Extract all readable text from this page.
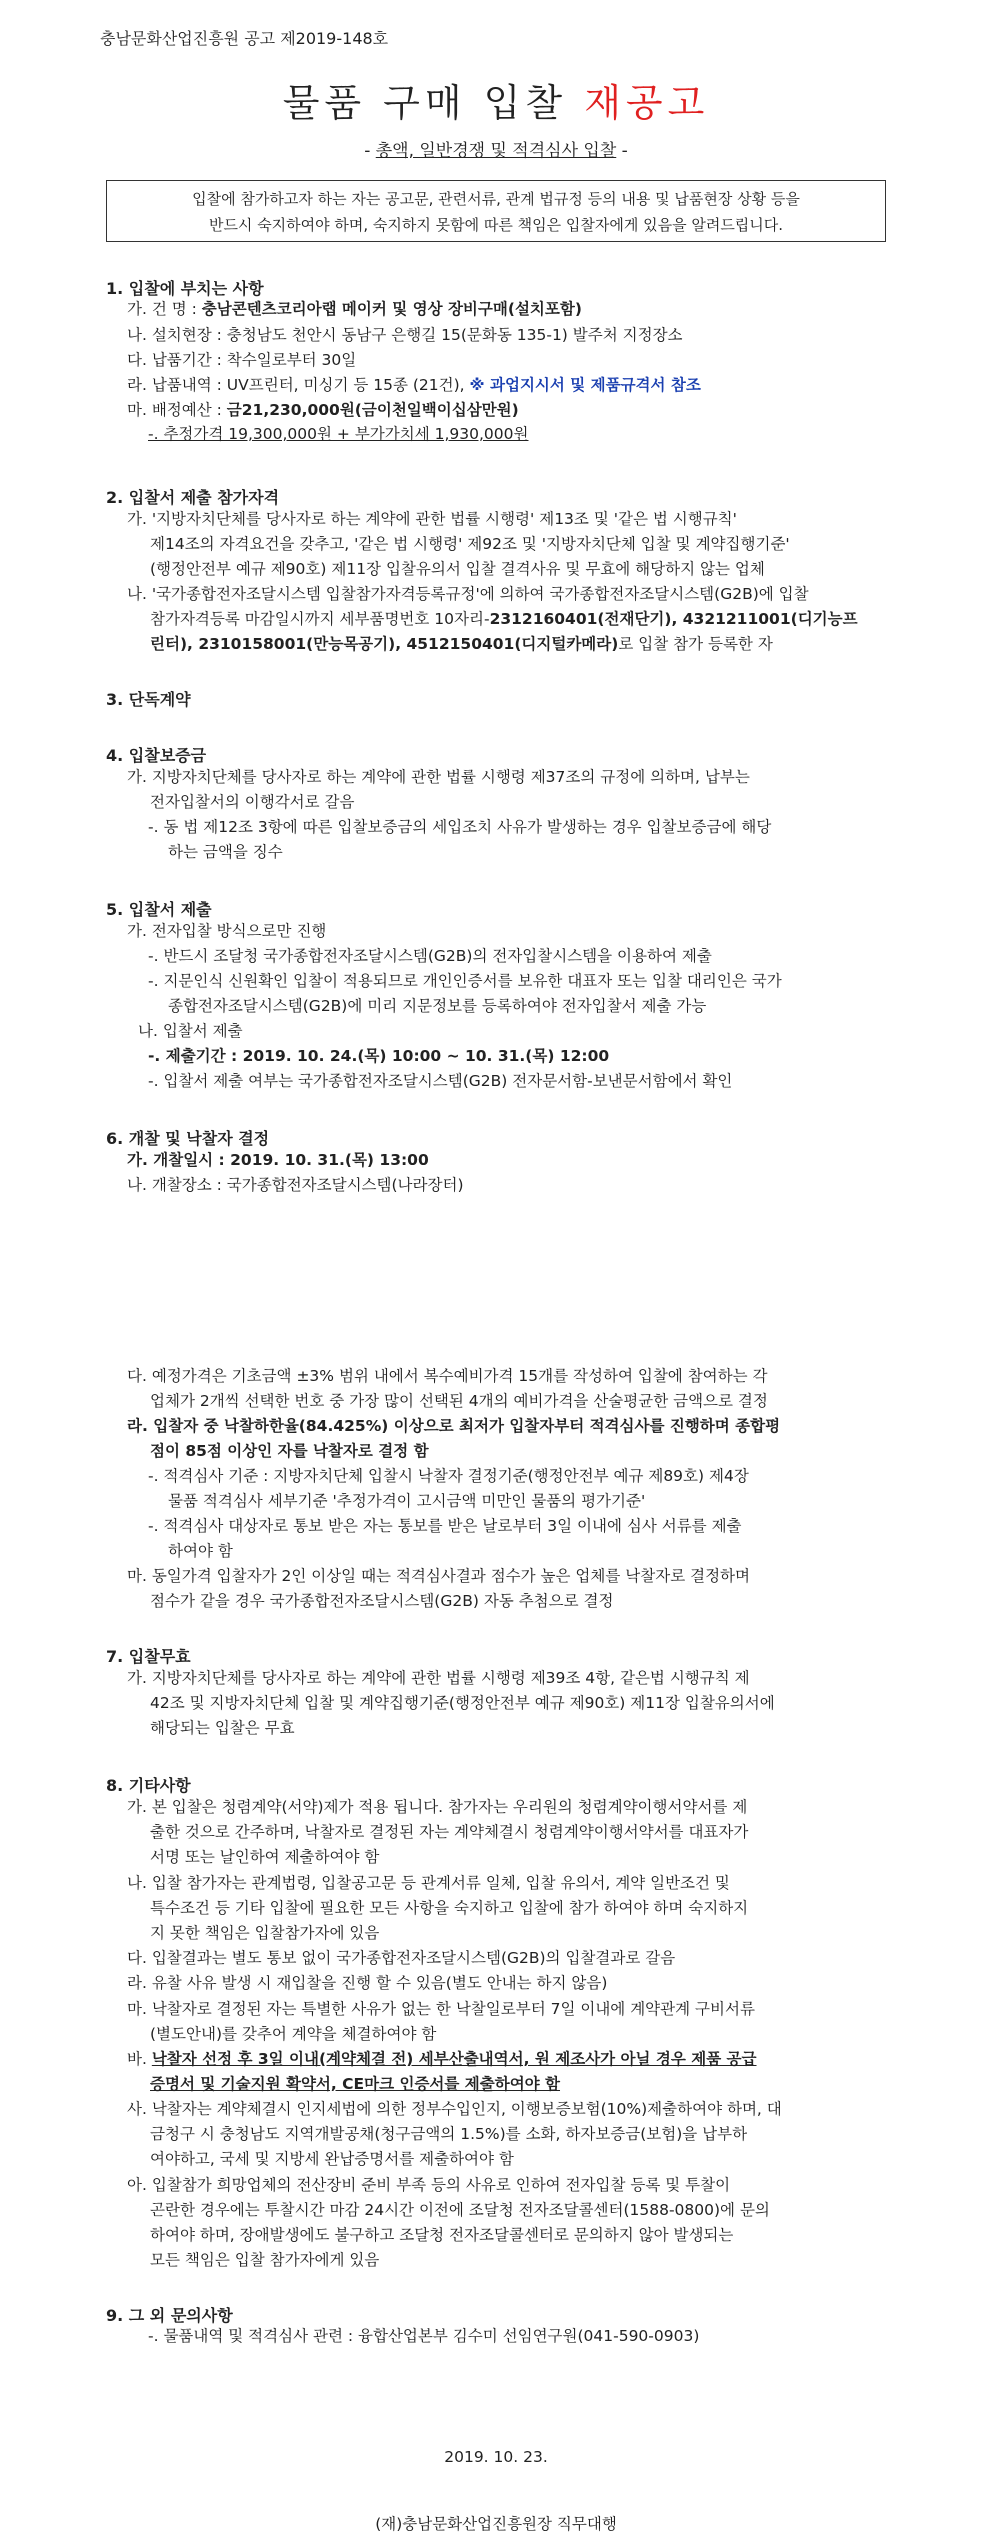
충남문화산업진흥원 공고 제2019-148호
물품 구매 입찰 재공고
- 총액, 일반경쟁 및 적격심사 입찰 -
입찰에 참가하고자 하는 자는 공고문, 관련서류, 관계 법규정 등의 내용 및 납품현장 상황 등을
반드시 숙지하여야 하며, 숙지하지 못함에 따른 책임은 입찰자에게 있음을 알려드립니다.
1. 입찰에 부치는 사항
가. 건 명 : 충남콘텐츠코리아랩 메이커 및 영상 장비구매(설치포함)
나. 설치현장 : 충청남도 천안시 동남구 은행길 15(문화동 135-1) 발주처 지정장소
다. 납품기간 : 착수일로부터 30일
라. 납품내역 : UV프린터, 미싱기 등 15종 (21건), ※ 과업지시서 및 제품규격서 참조
마. 배정예산 : 금21,230,000원(금이천일백이십삼만원)
-. 추정가격 19,300,000원 + 부가가치세 1,930,000원
2. 입찰서 제출 참가자격
가. '지방자치단체를 당사자로 하는 계약에 관한 법률 시행령' 제13조 및 '같은 법 시행규칙'
제14조의 자격요건을 갖추고, '같은 법 시행령' 제92조 및 '지방자치단체 입찰 및 계약집행기준'
(행정안전부 예규 제90호) 제11장 입찰유의서 입찰 결격사유 및 무효에 해당하지 않는 업체
나. '국가종합전자조달시스템 입찰참가자격등록규정'에 의하여 국가종합전자조달시스템(G2B)에 입찰
참가자격등록 마감일시까지 세부품명번호 10자리-2312160401(전재단기), 4321211001(디기능프
린터), 2310158001(만능목공기), 4512150401(디지털카메라)로 입찰 참가 등록한 자
3. 단독계약
4. 입찰보증금
가. 지방자치단체를 당사자로 하는 계약에 관한 법률 시행령 제37조의 규정에 의하며, 납부는
전자입찰서의 이행각서로 갈음
-. 동 법 제12조 3항에 따른 입찰보증금의 세입조치 사유가 발생하는 경우 입찰보증금에 해당
하는 금액을 징수
5. 입찰서 제출
가. 전자입찰 방식으로만 진행
-. 반드시 조달청 국가종합전자조달시스템(G2B)의 전자입찰시스템을 이용하여 제출
-. 지문인식 신원확인 입찰이 적용되므로 개인인증서를 보유한 대표자 또는 입찰 대리인은 국가
종합전자조달시스템(G2B)에 미리 지문정보를 등록하여야 전자입찰서 제출 가능
나. 입찰서 제출
-. 제출기간 : 2019. 10. 24.(목) 10:00 ~ 10. 31.(목) 12:00
-. 입찰서 제출 여부는 국가종합전자조달시스템(G2B) 전자문서함-보낸문서함에서 확인
6. 개찰 및 낙찰자 결정
가. 개찰일시 : 2019. 10. 31.(목) 13:00
나. 개찰장소 : 국가종합전자조달시스템(나라장터)
다. 예정가격은 기초금액 ±3% 범위 내에서 복수예비가격 15개를 작성하여 입찰에 참여하는 각
업체가 2개씩 선택한 번호 중 가장 많이 선택된 4개의 예비가격을 산술평균한 금액으로 결정
라. 입찰자 중 낙찰하한율(84.425%) 이상으로 최저가 입찰자부터 적격심사를 진행하며 종합평
점이 85점 이상인 자를 낙찰자로 결정 함
-. 적격심사 기준 : 지방자치단체 입찰시 낙찰자 결정기준(행정안전부 예규 제89호) 제4장
물품 적격심사 세부기준 '추정가격이 고시금액 미만인 물품의 평가기준'
-. 적격심사 대상자로 통보 받은 자는 통보를 받은 날로부터 3일 이내에 심사 서류를 제출
하여야 함
마. 동일가격 입찰자가 2인 이상일 때는 적격심사결과 점수가 높은 업체를 낙찰자로 결정하며
점수가 같을 경우 국가종합전자조달시스템(G2B) 자동 추첨으로 결정
7. 입찰무효
가. 지방자치단체를 당사자로 하는 계약에 관한 법률 시행령 제39조 4항, 같은법 시행규칙 제
42조 및 지방자치단체 입찰 및 계약집행기준(행정안전부 예규 제90호) 제11장 입찰유의서에
해당되는 입찰은 무효
8. 기타사항
가. 본 입찰은 청렴계약(서약)제가 적용 됩니다. 참가자는 우리원의 청렴계약이행서약서를 제
출한 것으로 간주하며, 낙찰자로 결정된 자는 계약체결시 청렴계약이행서약서를 대표자가
서명 또는 날인하여 제출하여야 함
나. 입찰 참가자는 관계법령, 입찰공고문 등 관계서류 일체, 입찰 유의서, 계약 일반조건 및
특수조건 등 기타 입찰에 필요한 모든 사항을 숙지하고 입찰에 참가 하여야 하며 숙지하지
지 못한 책임은 입찰참가자에 있음
다. 입찰결과는 별도 통보 없이 국가종합전자조달시스템(G2B)의 입찰결과로 갈음
라. 유찰 사유 발생 시 재입찰을 진행 할 수 있음(별도 안내는 하지 않음)
마. 낙찰자로 결정된 자는 특별한 사유가 없는 한 낙찰일로부터 7일 이내에 계약관계 구비서류
(별도안내)를 갖추어 계약을 체결하여야 함
바. 낙찰자 선정 후 3일 이내(계약체결 전) 세부산출내역서, 원 제조사가 아닐 경우 제품 공급
증명서 및 기술지원 확약서, CE마크 인증서를 제출하여야 함
사. 낙찰자는 계약체결시 인지세법에 의한 정부수입인지, 이행보증보험(10%)제출하여야 하며, 대
금청구 시 충청남도 지역개발공채(청구금액의 1.5%)를 소화, 하자보증금(보험)을 납부하
여야하고, 국세 및 지방세 완납증명서를 제출하여야 함
아. 입찰참가 희망업체의 전산장비 준비 부족 등의 사유로 인하여 전자입찰 등록 및 투찰이
곤란한 경우에는 투찰시간 마감 24시간 이전에 조달청 전자조달콜센터(1588-0800)에 문의
하여야 하며, 장애발생에도 불구하고 조달청 전자조달콜센터로 문의하지 않아 발생되는
모든 책임은 입찰 참가자에게 있음
9. 그 외 문의사항
-. 물품내역 및 적격심사 관련 : 융합산업본부 김수미 선임연구원(041-590-0903)
2019. 10. 23.
(재)충남문화산업진흥원장 직무대행
